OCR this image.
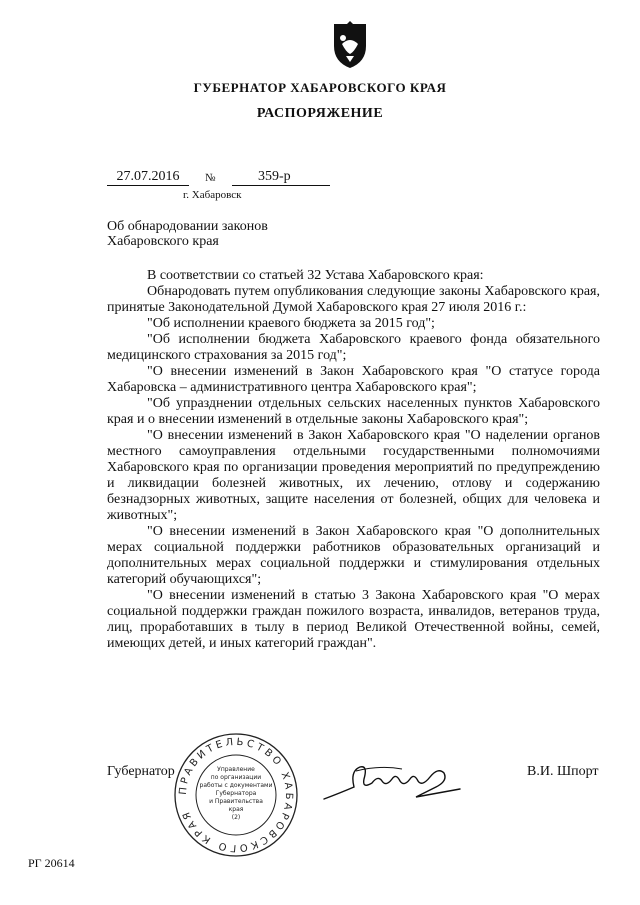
ГУБЕРНАТОР ХАБАРОВСКОГО КРАЯ
РАСПОРЯЖЕНИЕ
27.07.2016	№	359-р
г. Хабаровск
Об обнародовании законов
Хабаровского края

В соответствии со статьей 32 Устава Хабаровского края:

Обнародовать путем опубликования следующие законы Хабаровского края, принятые Законодательной Думой Хабаровского края 27 июля 2016 г.:

"Об исполнении краевого бюджета за 2015 год";

"Об исполнении бюджета Хабаровского краевого фонда обязательного медицинского страхования за 2015 год";

"О внесении изменений в Закон Хабаровского края "О статусе города Хабаровска – административного центра Хабаровского края";

"Об упразднении отдельных сельских населенных пунктов Хабаровского края и о внесении изменений в отдельные законы Хабаровского края";

"О внесении изменений в Закон Хабаровского края "О наделении органов местного самоуправления отдельными государственными полномочиями Хабаровского края по организации проведения мероприятий по предупреждению и ликвидации болезней животных, их лечению, отлову и содержанию безнадзорных животных, защите населения от болезней, общих для человека и животных";

"О внесении изменений в Закон Хабаровского края "О дополнительных мерах социальной поддержки работников образовательных организаций и дополнительных мерах социальной поддержки и стимулирования отдельных категорий обучающихся";

"О внесении изменений в статью 3 Закона Хабаровского края "О мерах социальной поддержки граждан пожилого возраста, инвалидов, ветеранов труда, лиц, проработавших в тылу в период Великой Отечественной войны, семей, имеющих детей, и иных категорий граждан".

Губернатор
ПРАВИТЕЛЬСТВО ХАБАРОВСКОГО КРАЯ
Управление
по организации
работы с документами
Губернатора
и Правительства
края
(2)
В.И. Шпорт
РГ 20614
